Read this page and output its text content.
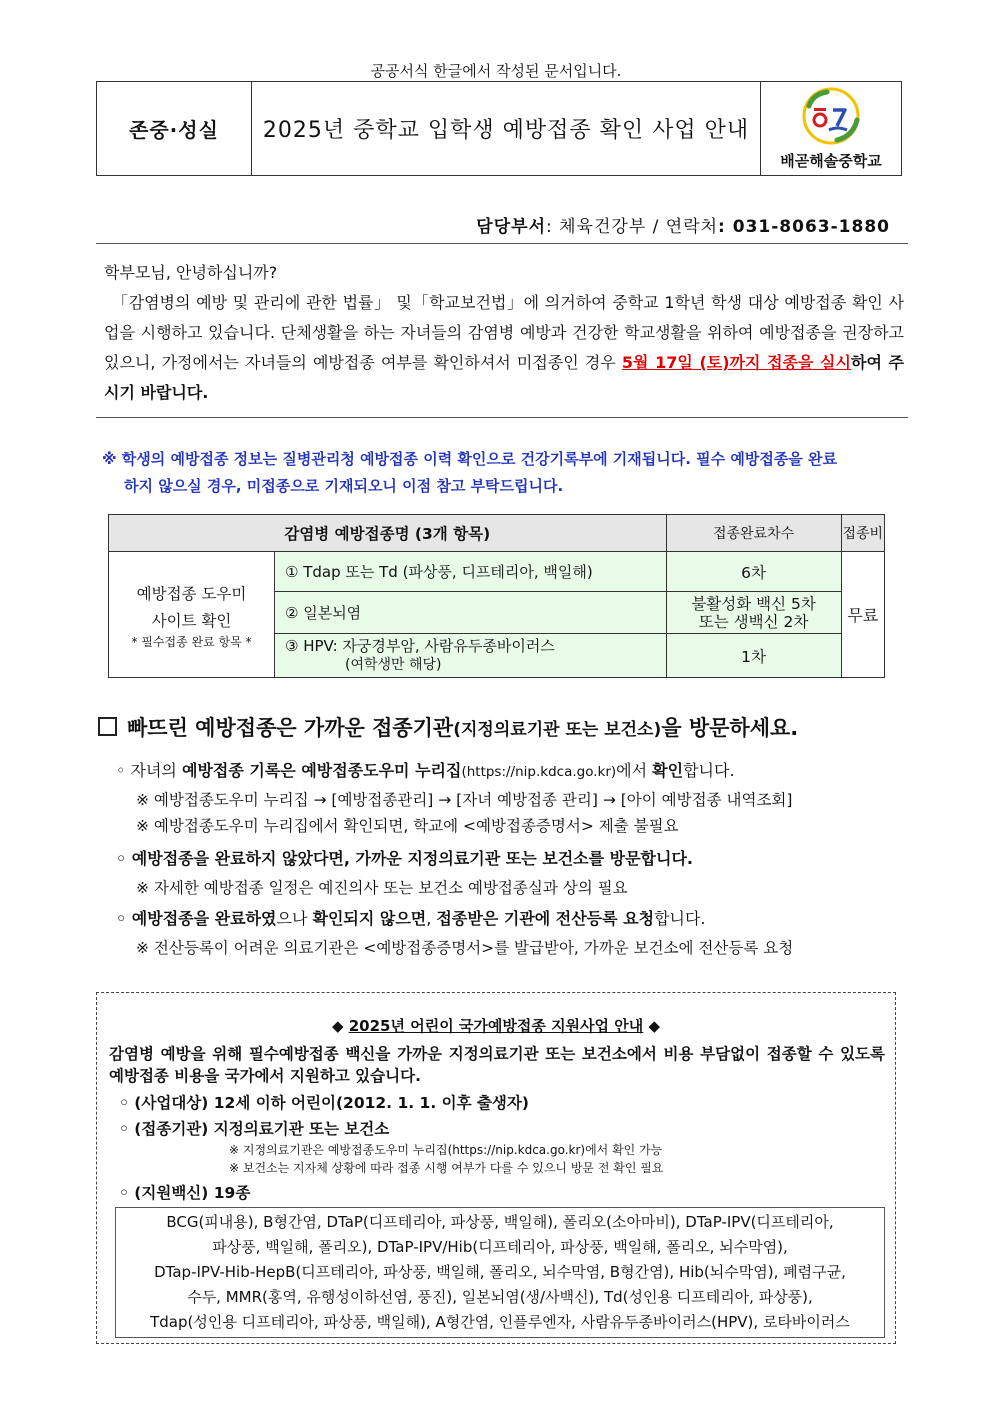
공공서식 한글에서 작성된 문서입니다.
존중·성실	2025년 중학교 입학생 예방접종 확인 사업 안내
배곧해솔중학교
담당부서: 체육건강부 / 연락처: 031-8063-1880

학부모님, 안녕하십니까?

「감염병의 예방 및 관리에 관한 법률」 및「학교보건법」에 의거하여 중학교 1학년 학생 대상 예방접종 확인 사업을 시행하고 있습니다. 단체생활을 하는 자녀들의 감염병 예방과 건강한 학교생활을 위하여 예방접종을 권장하고 있으니, 가정에서는 자녀들의 예방접종 여부를 확인하셔서 미접종인 경우 5월 17일 (토)까지 접종을 실시하여 주시기 바랍니다.

※ 학생의 예방접종 정보는 질병관리청 예방접종 이력 확인으로 건강기록부에 기재됩니다. 필수 예방접종을 완료
하지 않으실 경우, 미접종으로 기재되오니 이점 참고 부탁드립니다.
감염병 예방접종명 (3개 항목)		접종완료차수	접종비

예방접종 도우미
사이트 확인
* 필수접종 완료 항목 *	① Tdap 또는 Td (파상풍, 디프테리아, 백일해)	6차	무료
	② 일본뇌염	불활성화 백신 5차
또는 생백신 2차	

	③ HPV: 자궁경부암, 사람유두종바이러스
(여학생만 해당)	1차	
빠뜨린 예방접종은 가까운 접종기관(지정의료기관 또는 보건소)을 방문하세요.
◦ 자녀의 예방접종 기록은 예방접종도우미 누리집(https://nip.kdca.go.kr)에서 확인합니다.
※ 예방접종도우미 누리집 → [예방접종관리] → [자녀 예방접종 관리] → [아이 예방접종 내역조회]
※ 예방접종도우미 누리집에서 확인되면, 학교에 <예방접종증명서> 제출 불필요
◦ 예방접종을 완료하지 않았다면, 가까운 지정의료기관 또는 보건소를 방문합니다.
※ 자세한 예방접종 일정은 예진의사 또는 보건소 예방접종실과 상의 필요
◦ 예방접종을 완료하였으나 확인되지 않으면, 접종받은 기관에 전산등록 요청합니다.
※ 전산등록이 어려운 의료기관은 <예방접종증명서>를 발급받아, 가까운 보건소에 전산등록 요청
◆ 2025년 어린이 국가예방접종 지원사업 안내 ◆
감염병 예방을 위해 필수예방접종 백신을 가까운 지정의료기관 또는 보건소에서 비용 부담없이 접종할 수 있도록 예방접종 비용을 국가에서 지원하고 있습니다.
◦ (사업대상) 12세 이하 어린이(2012. 1. 1. 이후 출생자)
◦ (접종기관) 지정의료기관 또는 보건소
※ 지정의료기관은 예방접종도우미 누리집(https://nip.kdca.go.kr)에서 확인 가능
※ 보건소는 지자체 상황에 따라 접종 시행 여부가 다를 수 있으니 방문 전 확인 필요
◦ (지원백신) 19종
BCG(피내용), B형간염, DTaP(디프테리아, 파상풍, 백일해), 폴리오(소아마비), DTaP-IPV(디프테리아,
파상풍, 백일해, 폴리오), DTaP-IPV/Hib(디프테리아, 파상풍, 백일해, 폴리오, 뇌수막염),
DTap-IPV-Hib-HepB(디프테리아, 파상풍, 백일해, 폴리오, 뇌수막염, B형간염), Hib(뇌수막염), 폐렴구균,
수두, MMR(홍역, 유행성이하선염, 풍진), 일본뇌염(생/사백신), Td(성인용 디프테리아, 파상풍),
Tdap(성인용 디프테리아, 파상풍, 백일해), A형간염, 인플루엔자, 사람유두종바이러스(HPV), 로타바이러스
